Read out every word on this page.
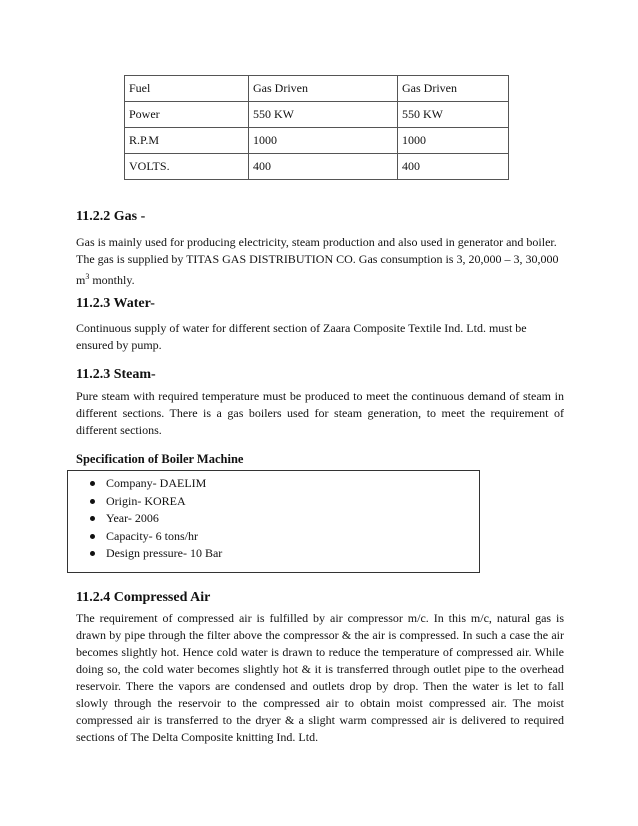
Fuel	Gas Driven	Gas Driven
Power	550 KW	550 KW
R.P.M	1000	1000
VOLTS.	400	400
11.2.2 Gas -

Gas is mainly used for producing electricity, steam production and also used in generator and boiler. The gas is supplied by TITAS GAS DISTRIBUTION CO. Gas consumption is 3, 20,000 – 3, 30,000 $m^3$ monthly.

11.2.3 Water-

Continuous supply of water for different section of Zaara Composite Textile Ind. Ltd. must be ensured by pump.

11.2.3 Steam-

Pure steam with required temperature must be produced to meet the continuous demand of steam in different sections. There is a gas boilers used for steam generation, to meet the requirement of different sections.

Specification of Boiler Machine

Company- DAELIM
Origin- KOREA
Year- 2006
Capacity- 6 tons/hr
Design pressure- 10 Bar
11.2.4 Compressed Air

The requirement of compressed air is fulfilled by air compressor m/c. In this m/c, natural gas is drawn by pipe through the filter above the compressor & the air is compressed. In such a case the air becomes slightly hot. Hence cold water is drawn to reduce the temperature of compressed air. While doing so, the cold water becomes slightly hot & it is transferred through outlet pipe to the overhead reservoir. There the vapors are condensed and outlets drop by drop. Then the water is let to fall slowly through the reservoir to the compressed air to obtain moist compressed air. The moist compressed air is transferred to the dryer & a slight warm compressed air is delivered to required sections of The Delta Composite knitting Ind. Ltd.
